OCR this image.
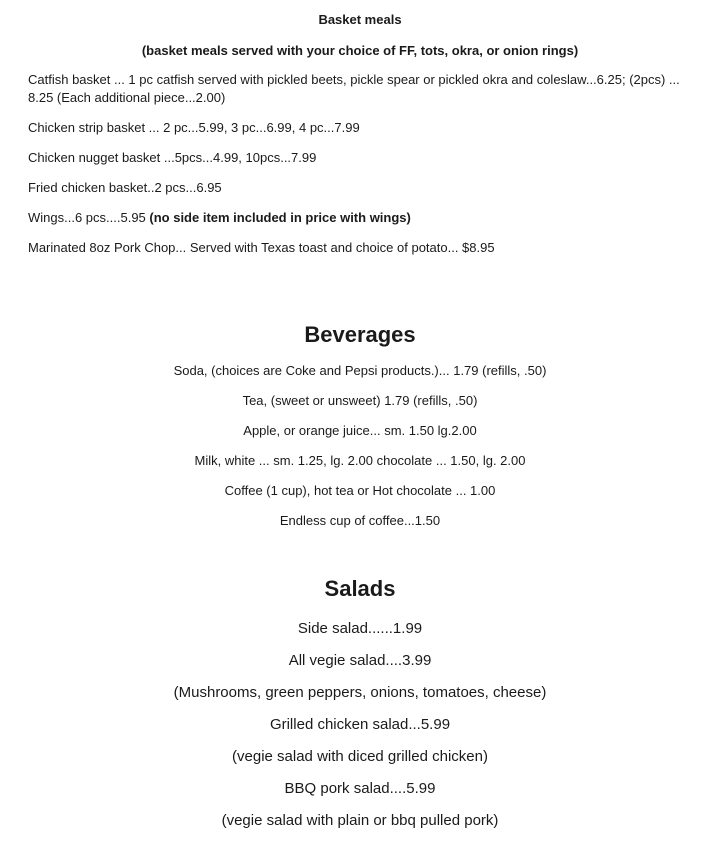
Basket meals
(basket meals served with your choice of FF, tots, okra, or onion rings)
Catfish basket ... 1 pc catfish served with pickled beets, pickle spear or pickled okra and coleslaw...6.25; (2pcs) ... 8.25 (Each additional piece...2.00)
Chicken strip basket ... 2 pc...5.99, 3 pc...6.99, 4 pc...7.99
Chicken nugget basket ...5pcs...4.99, 10pcs...7.99
Fried chicken basket..2 pcs...6.95
Wings...6 pcs....5.95 (no side item included in price with wings)
Marinated 8oz Pork Chop... Served with Texas toast and choice of potato... $8.95
Beverages
Soda, (choices are Coke and Pepsi products.)... 1.79 (refills, .50)
Tea, (sweet or unsweet) 1.79 (refills, .50)
Apple, or orange juice... sm. 1.50 lg.2.00
Milk, white ... sm. 1.25, lg. 2.00 chocolate ... 1.50, lg. 2.00
Coffee (1 cup), hot tea or Hot chocolate ... 1.00
Endless cup of coffee...1.50
Salads
Side salad......1.99
All vegie salad....3.99
(Mushrooms, green peppers, onions, tomatoes, cheese)
Grilled chicken salad...5.99
(vegie salad with diced grilled chicken)
BBQ pork salad....5.99
(vegie salad with plain or bbq pulled pork)
